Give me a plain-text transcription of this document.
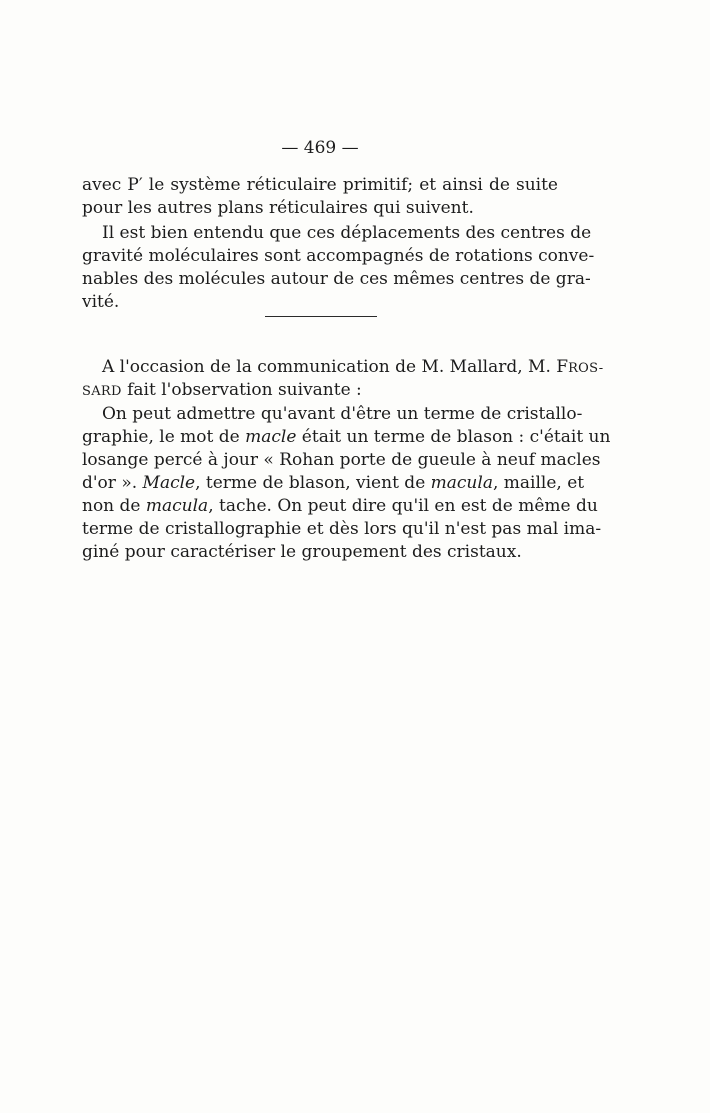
— 469 —
avec P′ le système réticulaire primitif; et ainsi de suite
pour les autres plans réticulaires qui suivent.
Il est bien entendu que ces déplacements des centres de
gravité moléculaires sont accompagnés de rotations conve-
nables des molécules autour de ces mêmes centres de gra-
vité.
A l'occasion de la communication de M. Mallard, M. FROS-
SARD fait l'observation suivante :
On peut admettre qu'avant d'être un terme de cristallo-
graphie, le mot de macle était un terme de blason : c'était un
losange percé à jour « Rohan porte de gueule à neuf macles
d'or ». Macle, terme de blason, vient de macula, maille, et
non de macula, tache. On peut dire qu'il en est de même du
terme de cristallographie et dès lors qu'il n'est pas mal ima-
giné pour caractériser le groupement des cristaux.
